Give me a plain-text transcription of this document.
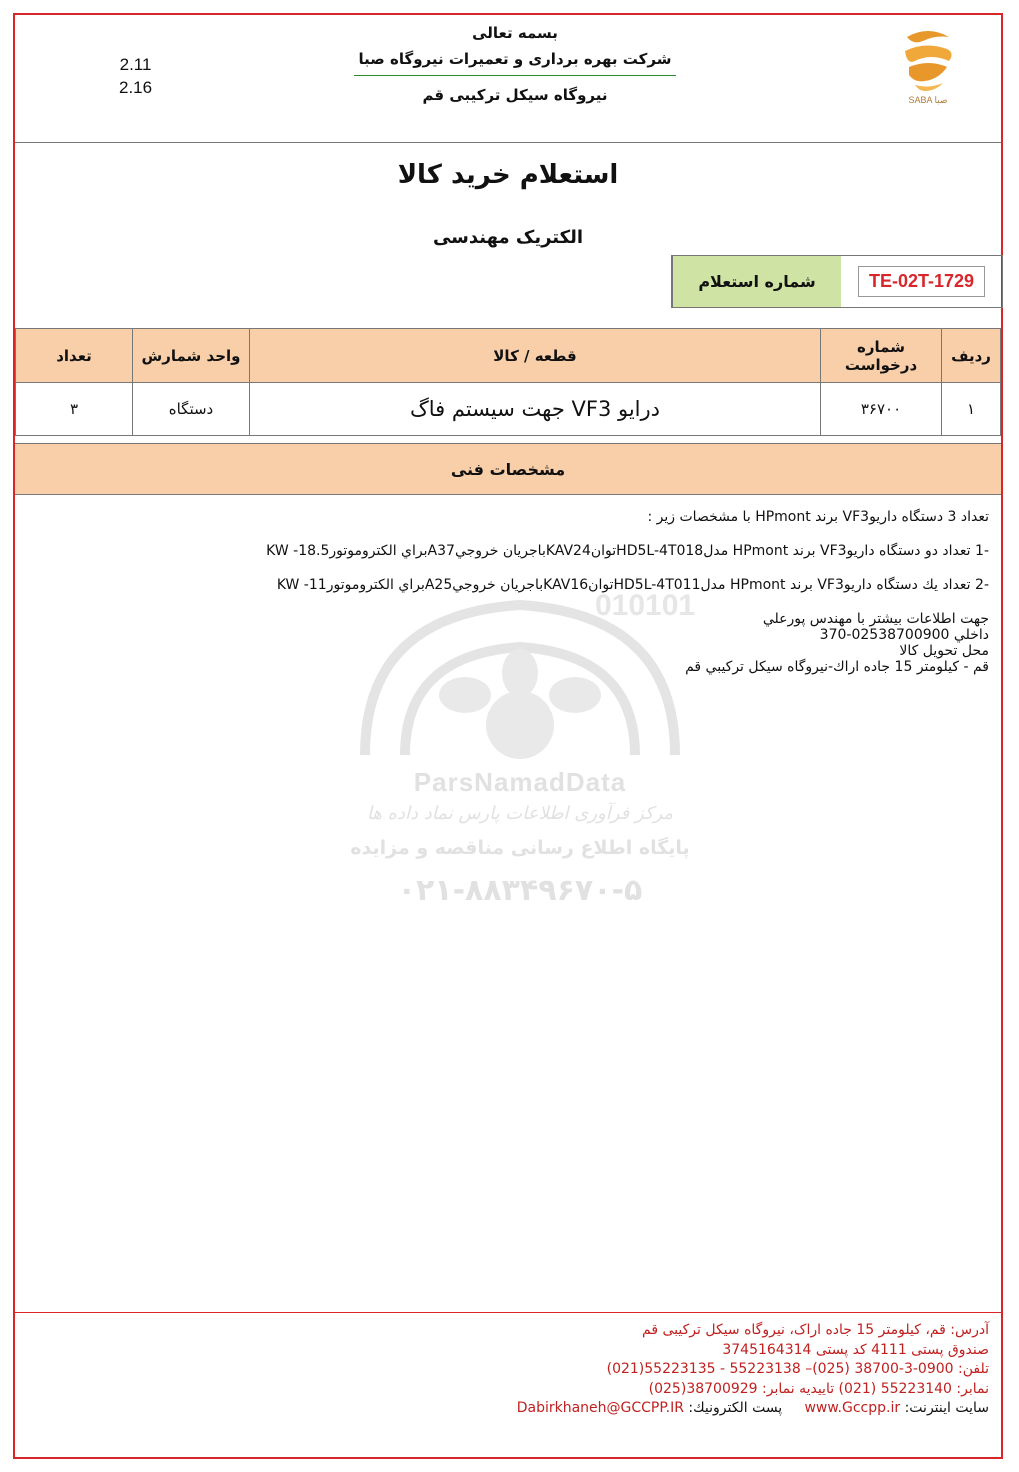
2.11
2.16
بسمه تعالی
شرکت بهره برداری و تعمیرات نیروگاه صبا
نیروگاه سیکل ترکیبی قم	SABA صبا
استعلام خرید کالا
الکتریک مهندسی
شماره استعلام	TE-02T-1729
ردیف	شماره درخواست	قطعه / کالا	واحد شمارش	تعداد
۱	۳۶۷۰۰	درایو VF3 جهت سیستم فاگ	دستگاه	۳
مشخصات فنی

تعداد 3 دستگاه داریوVF3 برند HPmont با مشخصات زیر :

-1 تعداد دو دستگاه داريوVF3 برند HPmont مدلHD5L-4T018توانKAV24باجريان خروجيA37براي الكتروموتور18.5- KW

-2 تعداد يك دستگاه داريوVF3 برند HPmont مدلHD5L-4T011توانKAV16باجريان خروجيA25براي الكتروموتور11- KW

جهت اطلاعات بيشتر با مهندس پورعلي

داخلي 02538700900-370

محل تحويل كالا

قم - كيلومتر 15 جاده اراك-نيروگاه سيكل تركيبي قم

010101
ParsNamadData
مرکز فرآوری اطلاعات پارس نماد داده ها
پایگاه اطلاع رسانی مناقصه و مزایده
۰۲۱-۸۸۳۴۹۶۷۰-۵

آدرس: قم، کیلومتر 15 جاده اراک، نیروگاه سیکل ترکیبی قم

صندوق پستی 4111 کد پستی 3745164314

تلفن: 0900-3-38700 (025)– 55223138 - 55223135(021)

نمابر: 55223140 (021) تاییدیه نمابر: 38700929(025)

سایت اینترنت: www.Gccpp.ir     پست الکترونیك: Dabirkhaneh@GCCPP.IR
